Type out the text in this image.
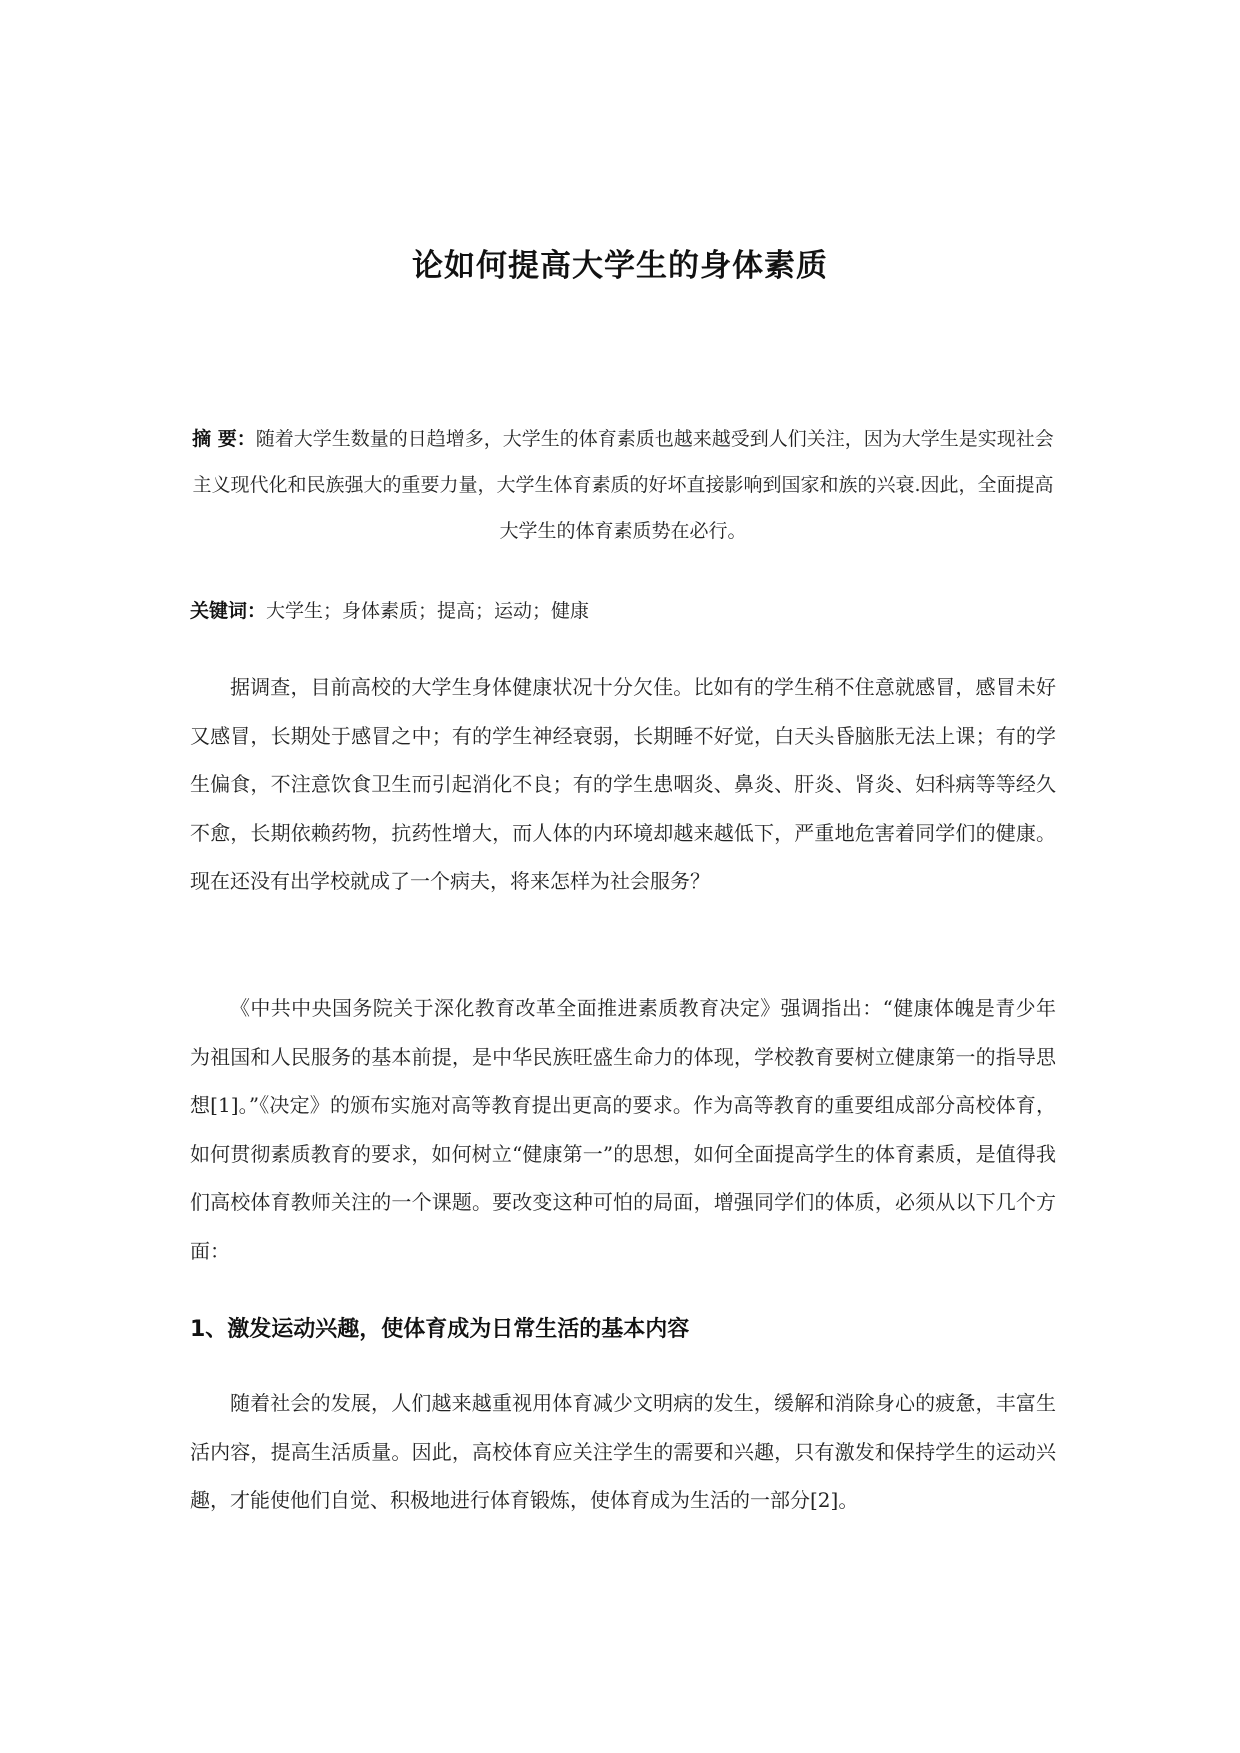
论如何提高大学生的身体素质
摘 要：随着大学生数量的日趋增多，大学生的体育素质也越来越受到人们关注，因为大学生是实现社会主义现代化和民族强大的重要力量，大学生体育素质的好坏直接影响到国家和族的兴衰.因此，全面提高大学生的体育素质势在必行。
关键词：大学生；身体素质；提高；运动；健康

据调查，目前高校的大学生身体健康状况十分欠佳。比如有的学生稍不住意就感冒，感冒未好又感冒，长期处于感冒之中；有的学生神经衰弱，长期睡不好觉，白天头昏脑胀无法上课；有的学生偏食，不注意饮食卫生而引起消化不良；有的学生患咽炎、鼻炎、肝炎、肾炎、妇科病等等经久不愈，长期依赖药物，抗药性增大，而人体的内环境却越来越低下，严重地危害着同学们的健康。现在还没有出学校就成了一个病夫，将来怎样为社会服务？

《中共中央国务院关于深化教育改革全面推进素质教育决定》强调指出：“健康体魄是青少年为祖国和人民服务的基本前提，是中华民族旺盛生命力的体现，学校教育要树立健康第一的指导思想[1]。”《决定》的颁布实施对高等教育提出更高的要求。作为高等教育的重要组成部分高校体育，如何贯彻素质教育的要求，如何树立“健康第一”的思想，如何全面提高学生的体育素质，是值得我们高校体育教师关注的一个课题。要改变这种可怕的局面，增强同学们的体质，必须从以下几个方面：

1、激发运动兴趣，使体育成为日常生活的基本内容

随着社会的发展，人们越来越重视用体育减少文明病的发生，缓解和消除身心的疲惫，丰富生活内容，提高生活质量。因此，高校体育应关注学生的需要和兴趣，只有激发和保持学生的运动兴趣，才能使他们自觉、积极地进行体育锻炼，使体育成为生活的一部分[2]。
